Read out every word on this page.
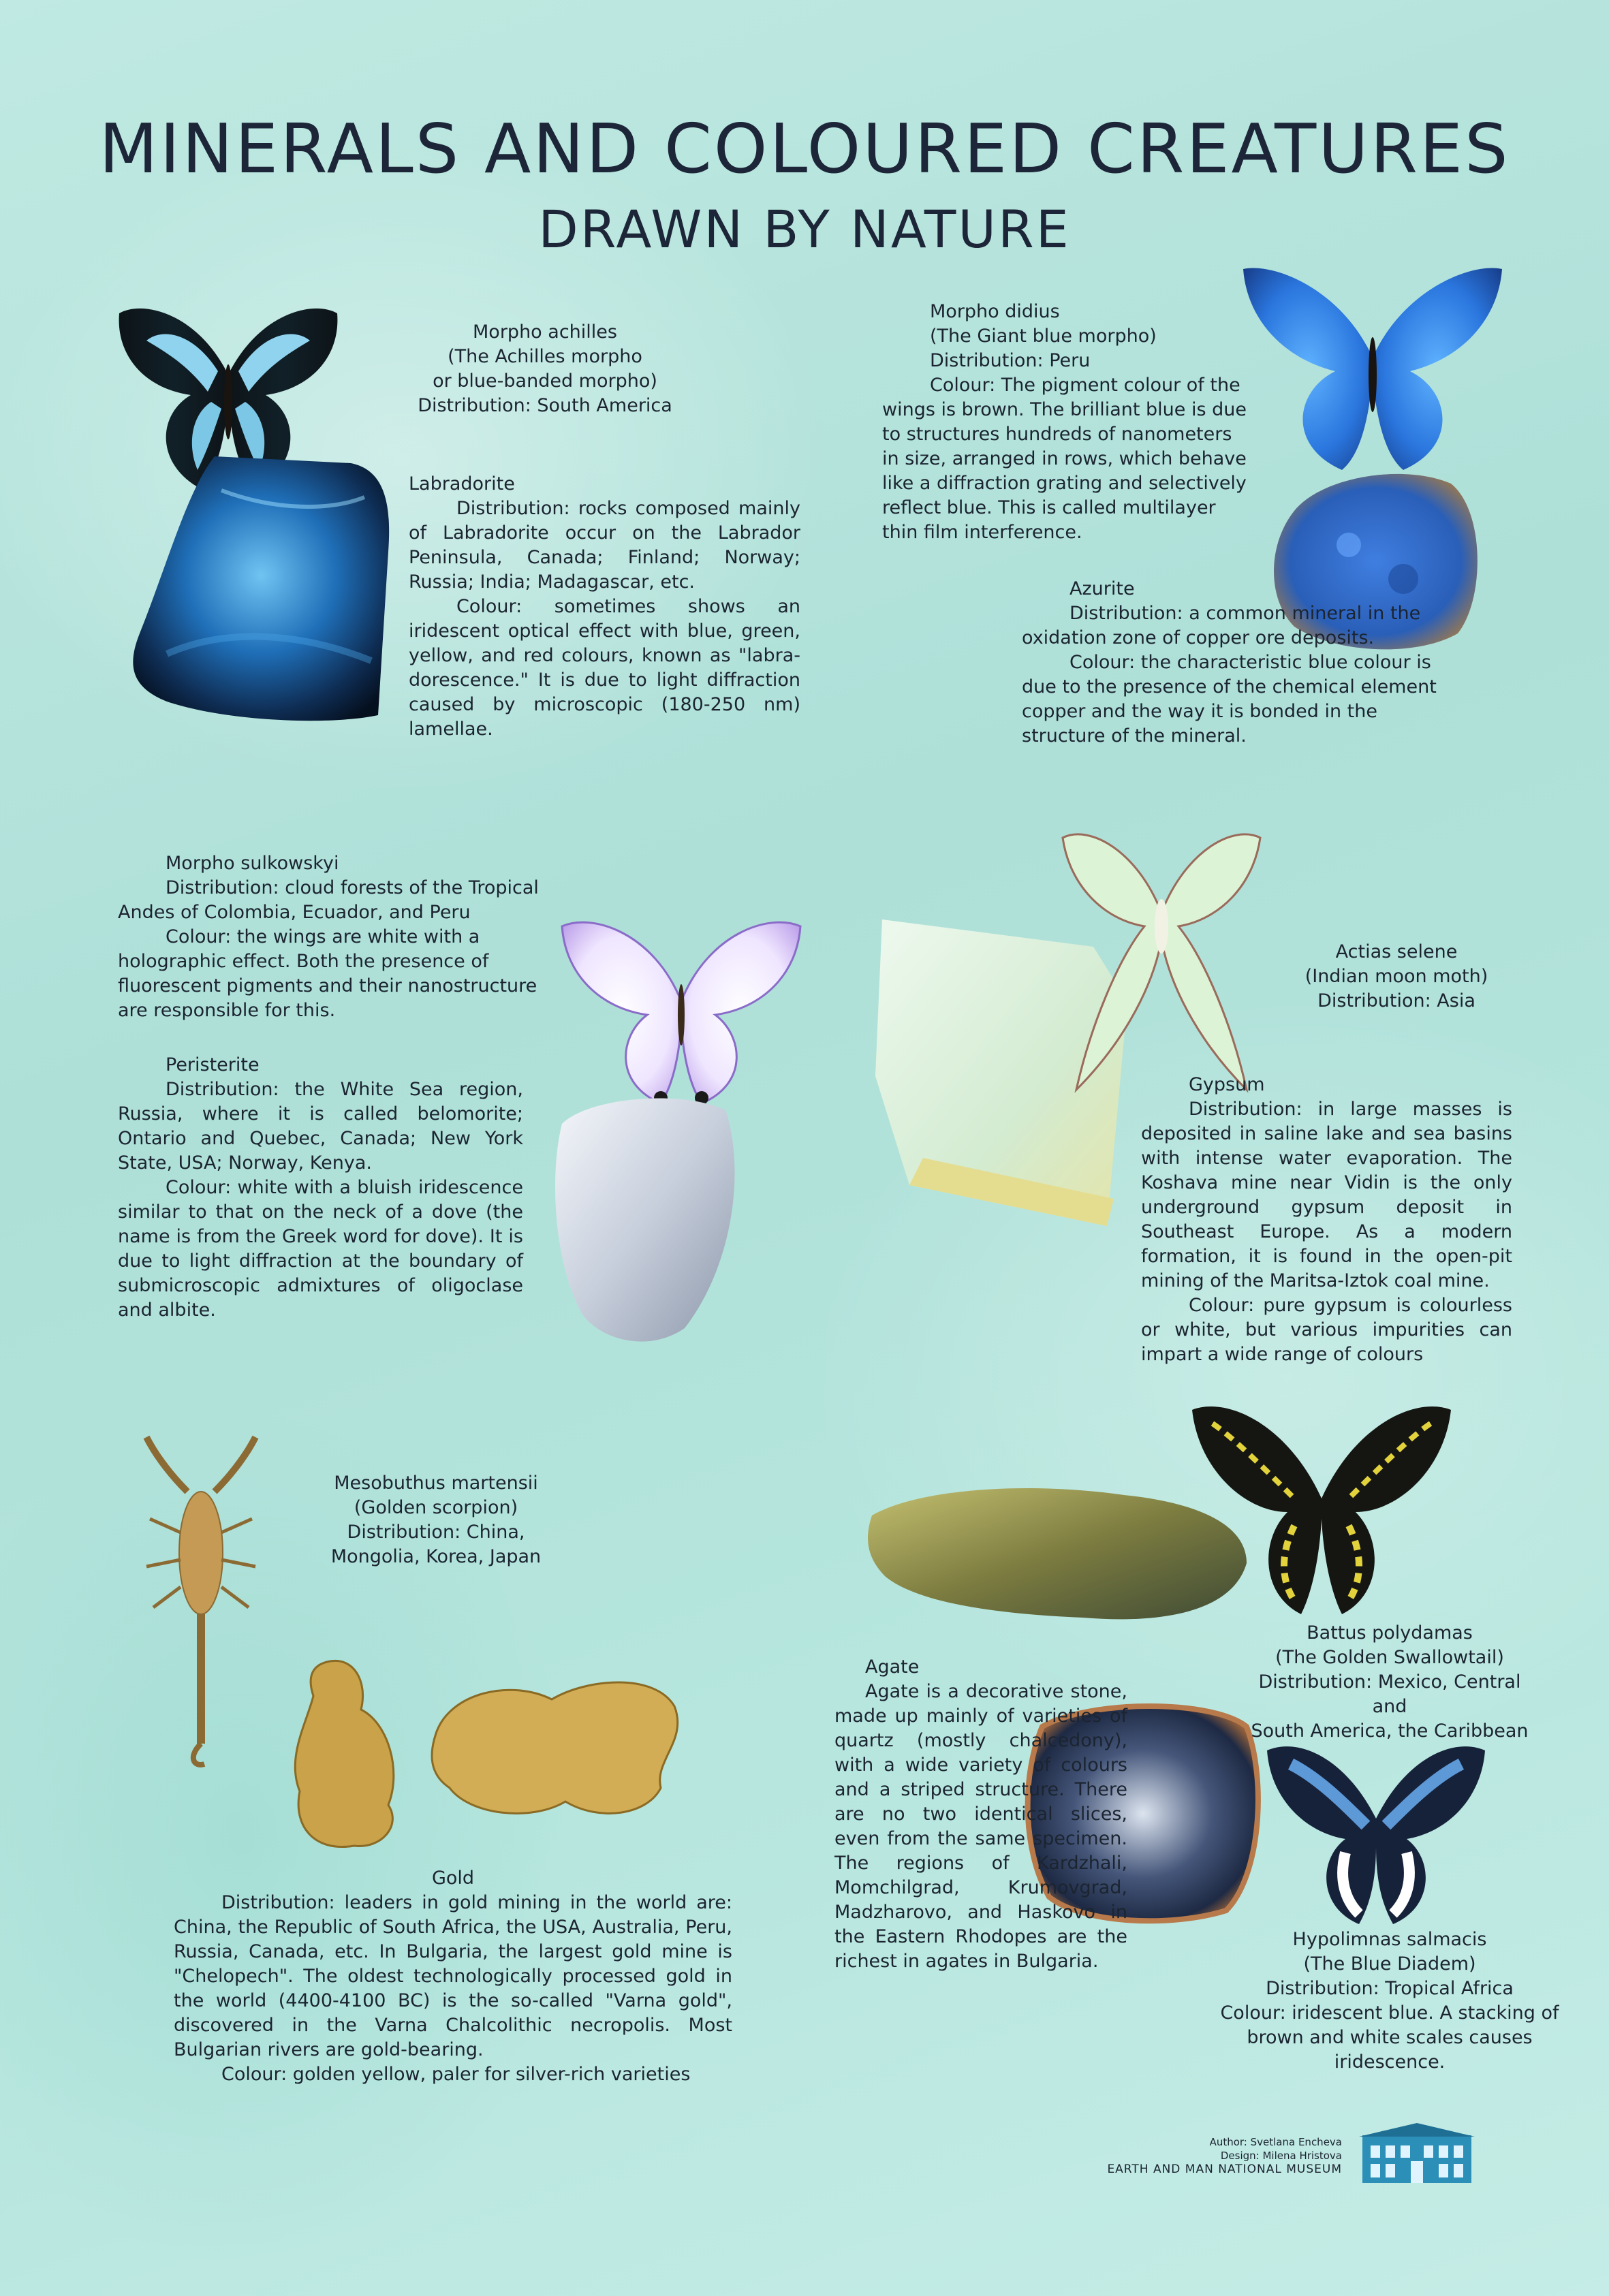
MINERALS AND COLOURED CREATURES
DRAWN BY NATURE

Morpho achilles

(The Achilles morpho

or blue-banded morpho)

Distribution: South America

Labradorite

Distribution: rocks composed mainly of Labradorite occur on the Labrador Peninsula, Canada; Finland; Norway; Russia; India; Madagascar, etc.

Colour: sometimes shows an iridescent optical effect with blue, green, yellow, and red colours, known as "labra-dorescence." It is due to light diffraction caused by microscopic (180-250 nm) lamellae.

Morpho didius

(The Giant blue morpho)

Distribution: Peru

Colour: The pigment colour of the wings is brown. The brilliant blue is due to structures hundreds of nanometers in size, arranged in rows, which behave like a diffraction grating and selectively reflect blue. This is called multilayer thin film interference.

Azurite

Distribution: a common mineral in the oxidation zone of copper ore deposits.

Colour: the characteristic blue colour is due to the presence of the chemical element copper and the way it is bonded in the structure of the mineral.

Morpho sulkowskyi

Distribution: cloud forests of the Tropical Andes of Colombia, Ecuador, and Peru

Colour: the wings are white with a holographic effect. Both the presence of fluorescent pigments and their nanostructure are responsible for this.

Peristerite

Distribution: the White Sea region, Russia, where it is called belomorite; Ontario and Quebec, Canada; New York State, USA; Norway, Kenya.

Colour: white with a bluish iridescence similar to that on the neck of a dove (the name is from the Greek word for dove). It is due to light diffraction at the boundary of submicroscopic admixtures of oligoclase and albite.

Actias selene

(Indian moon moth)

Distribution: Asia

Gypsum

Distribution: in large masses is deposited in saline lake and sea basins with intense water evaporation. The Koshava mine near Vidin is the only underground gypsum deposit in Southeast Europe. As a modern formation, it is found in the open-pit mining of the Maritsa-Iztok coal mine.

Colour: pure gypsum is colourless or white, but various impurities can impart a wide range of colours

Mesobuthus martensii

(Golden scorpion)

Distribution: China,

Mongolia, Korea, Japan

Gold

Distribution: leaders in gold mining in the world are: China, the Republic of South Africa, the USA, Australia, Peru, Russia, Canada, etc. In Bulgaria, the largest gold mine is "Chelopech". The oldest technologically processed gold in the world (4400-4100 BC) is the so-called "Varna gold", discovered in the Varna Chalcolithic necropolis. Most Bulgarian rivers are gold-bearing.

Colour: golden yellow, paler for silver-rich varieties

Battus polydamas

(The Golden Swallowtail)

Distribution: Mexico, Central and

South America, the Caribbean

Agate

Agate is a decorative stone, made up mainly of varieties of quartz (mostly chalcedony), with a wide variety of colours and a striped structure. There are no two identical slices, even from the same specimen. The regions of Kardzhali, Momchilgrad, Krumovgrad, Madzharovo, and Haskovo in the Eastern Rhodopes are the richest in agates in Bulgaria.

Hypolimnas salmacis

(The Blue Diadem)

Distribution: Tropical Africa

Colour: iridescent blue. A stacking of brown and white scales causes iridescence.

Author: Svetlana Encheva
Design: Milena Hristova
EARTH AND MAN NATIONAL MUSEUM
